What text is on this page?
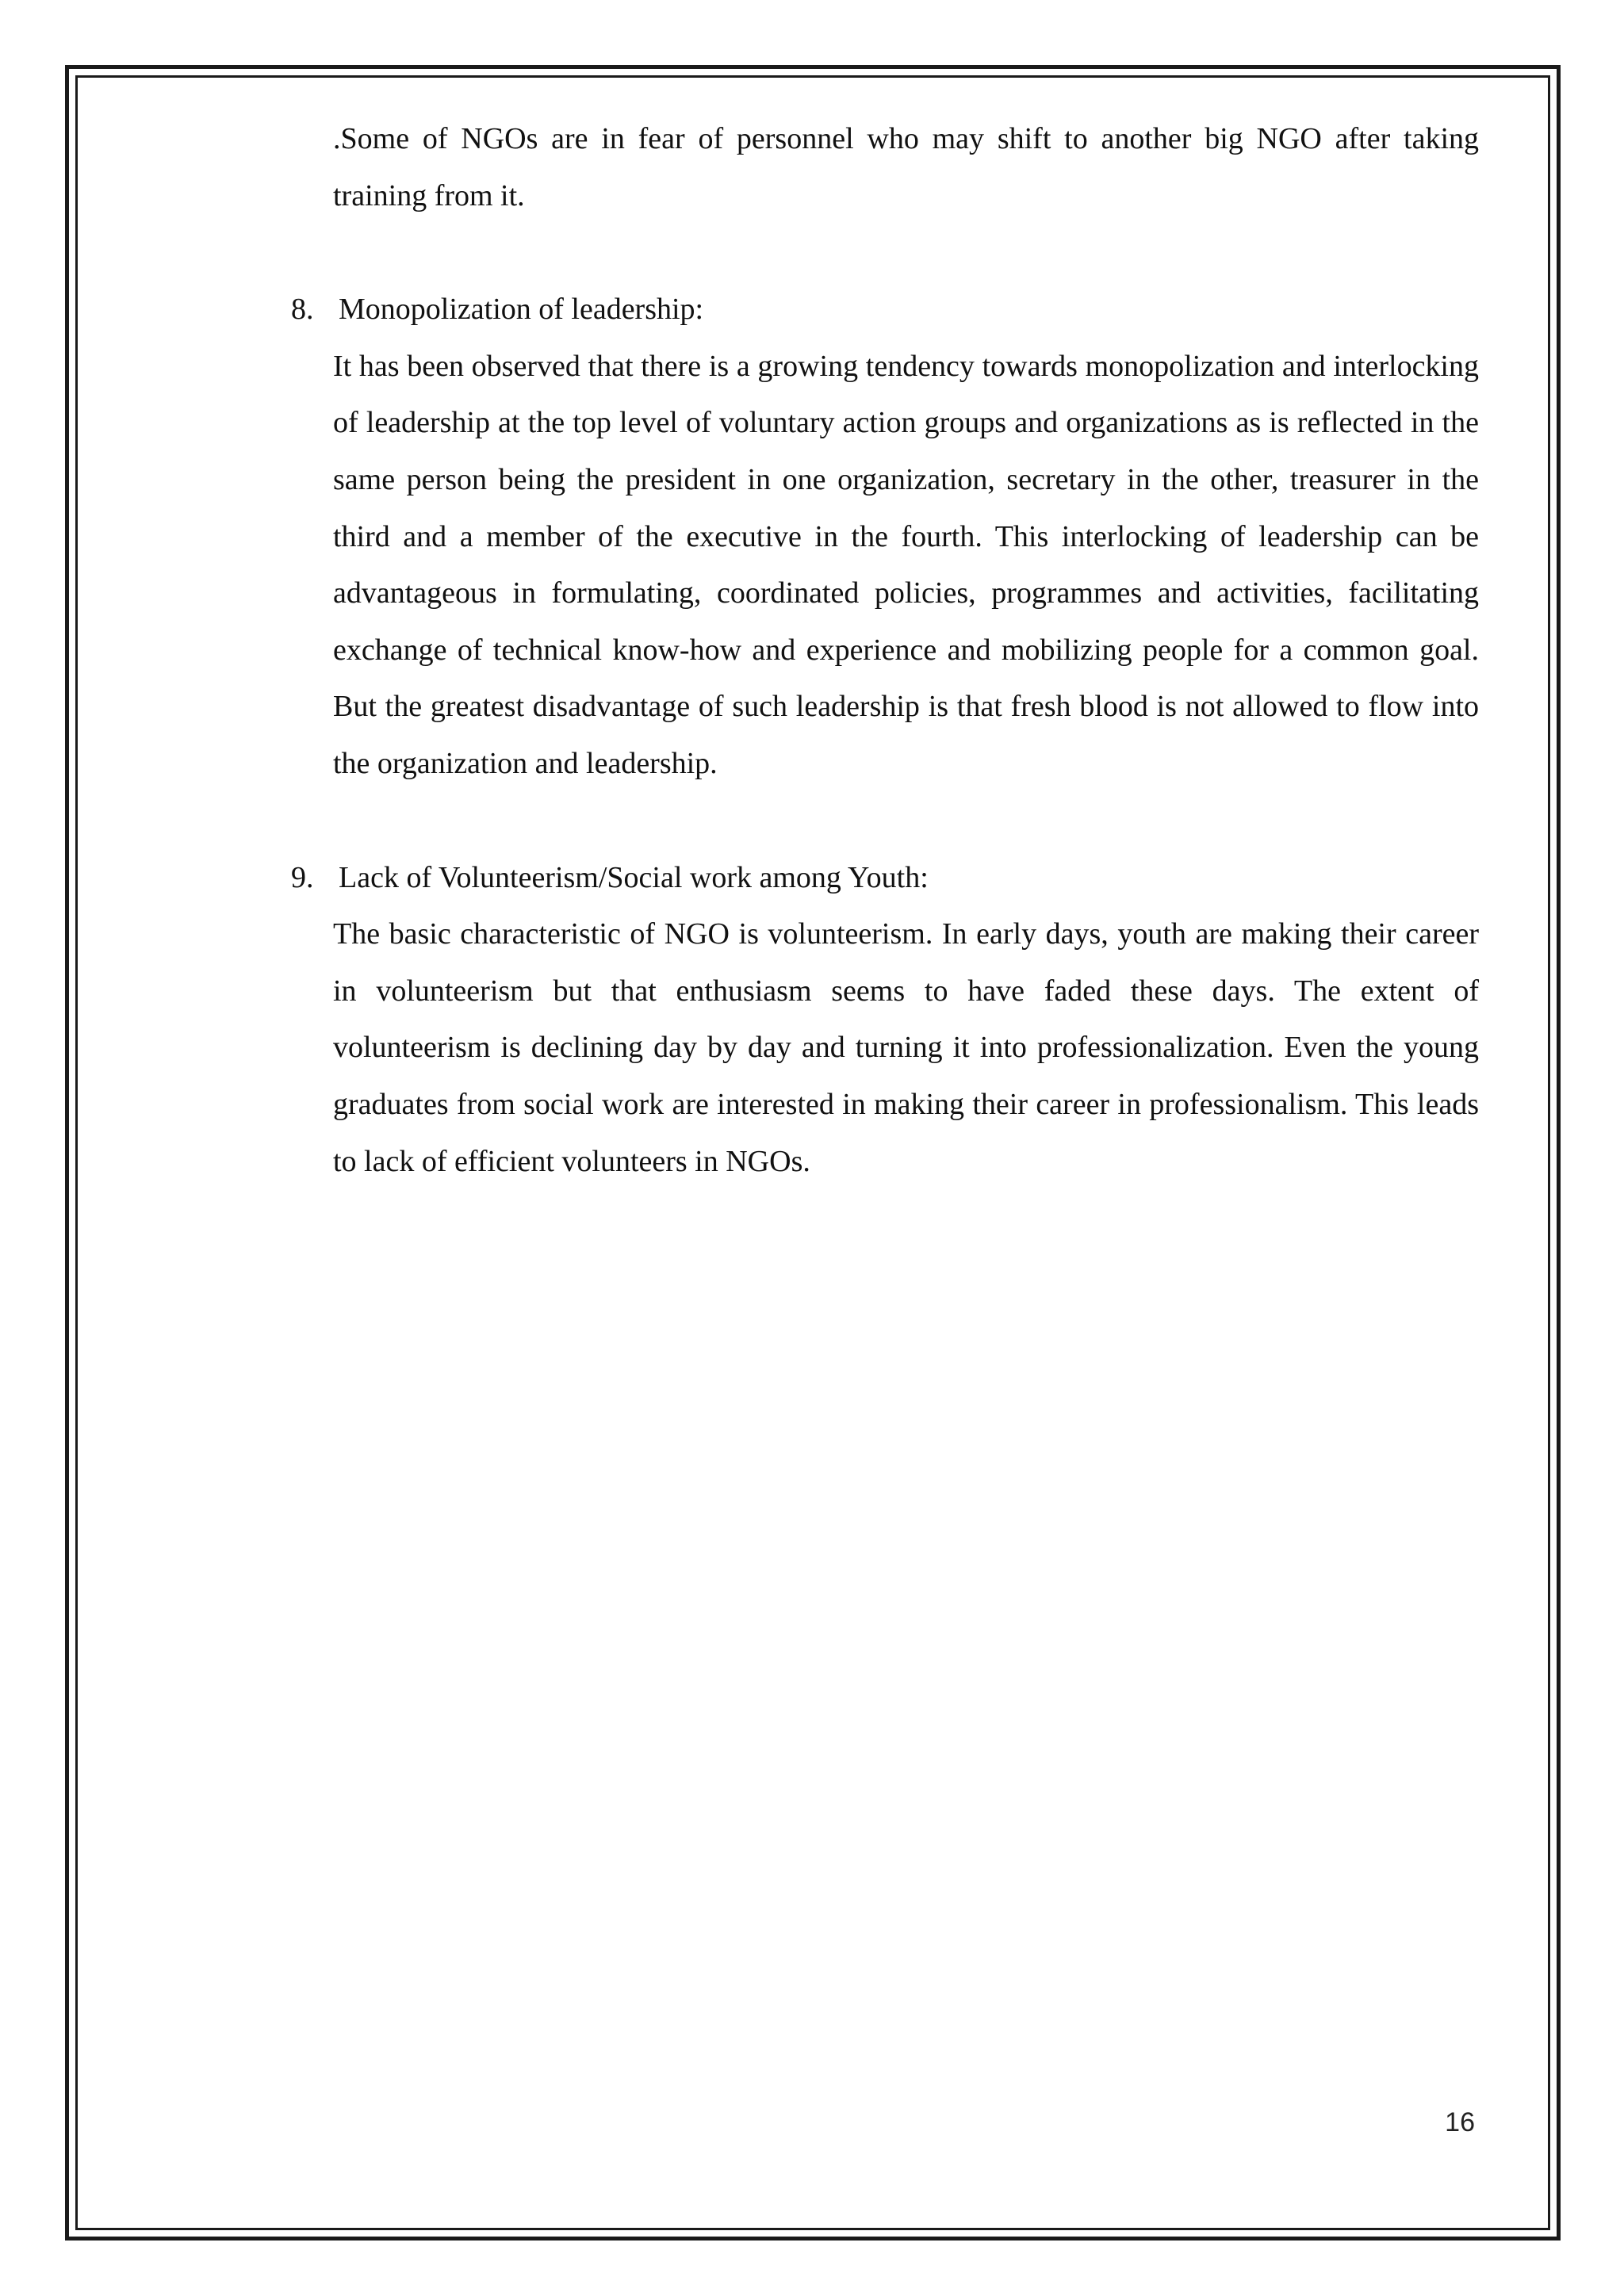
.Some of NGOs are in fear of personnel who may shift to another big NGO after taking training from it.

8. Monopolization of leadership:

It has been observed that there is a growing tendency towards monopolization and interlocking of leadership at the top level of voluntary action groups and organizations as is reflected in the same person being the president in one organization, secretary in the other, treasurer in the third and a member of the executive in the fourth. This interlocking of leadership can be advantageous in formulating, coordinated policies, programmes and activities, facilitating exchange of technical know-how and experience and mobilizing people for a common goal. But the greatest disadvantage of such leadership is that fresh blood is not allowed to flow into the organization and leadership.

9. Lack of Volunteerism/Social work among Youth:

The basic characteristic of NGO is volunteerism. In early days, youth are making their career in volunteerism but that enthusiasm seems to have faded these days. The extent of volunteerism is declining day by day and turning it into professionalization. Even the young graduates from social work are interested in making their career in professionalism. This leads to lack of efficient volunteers in NGOs.

16
